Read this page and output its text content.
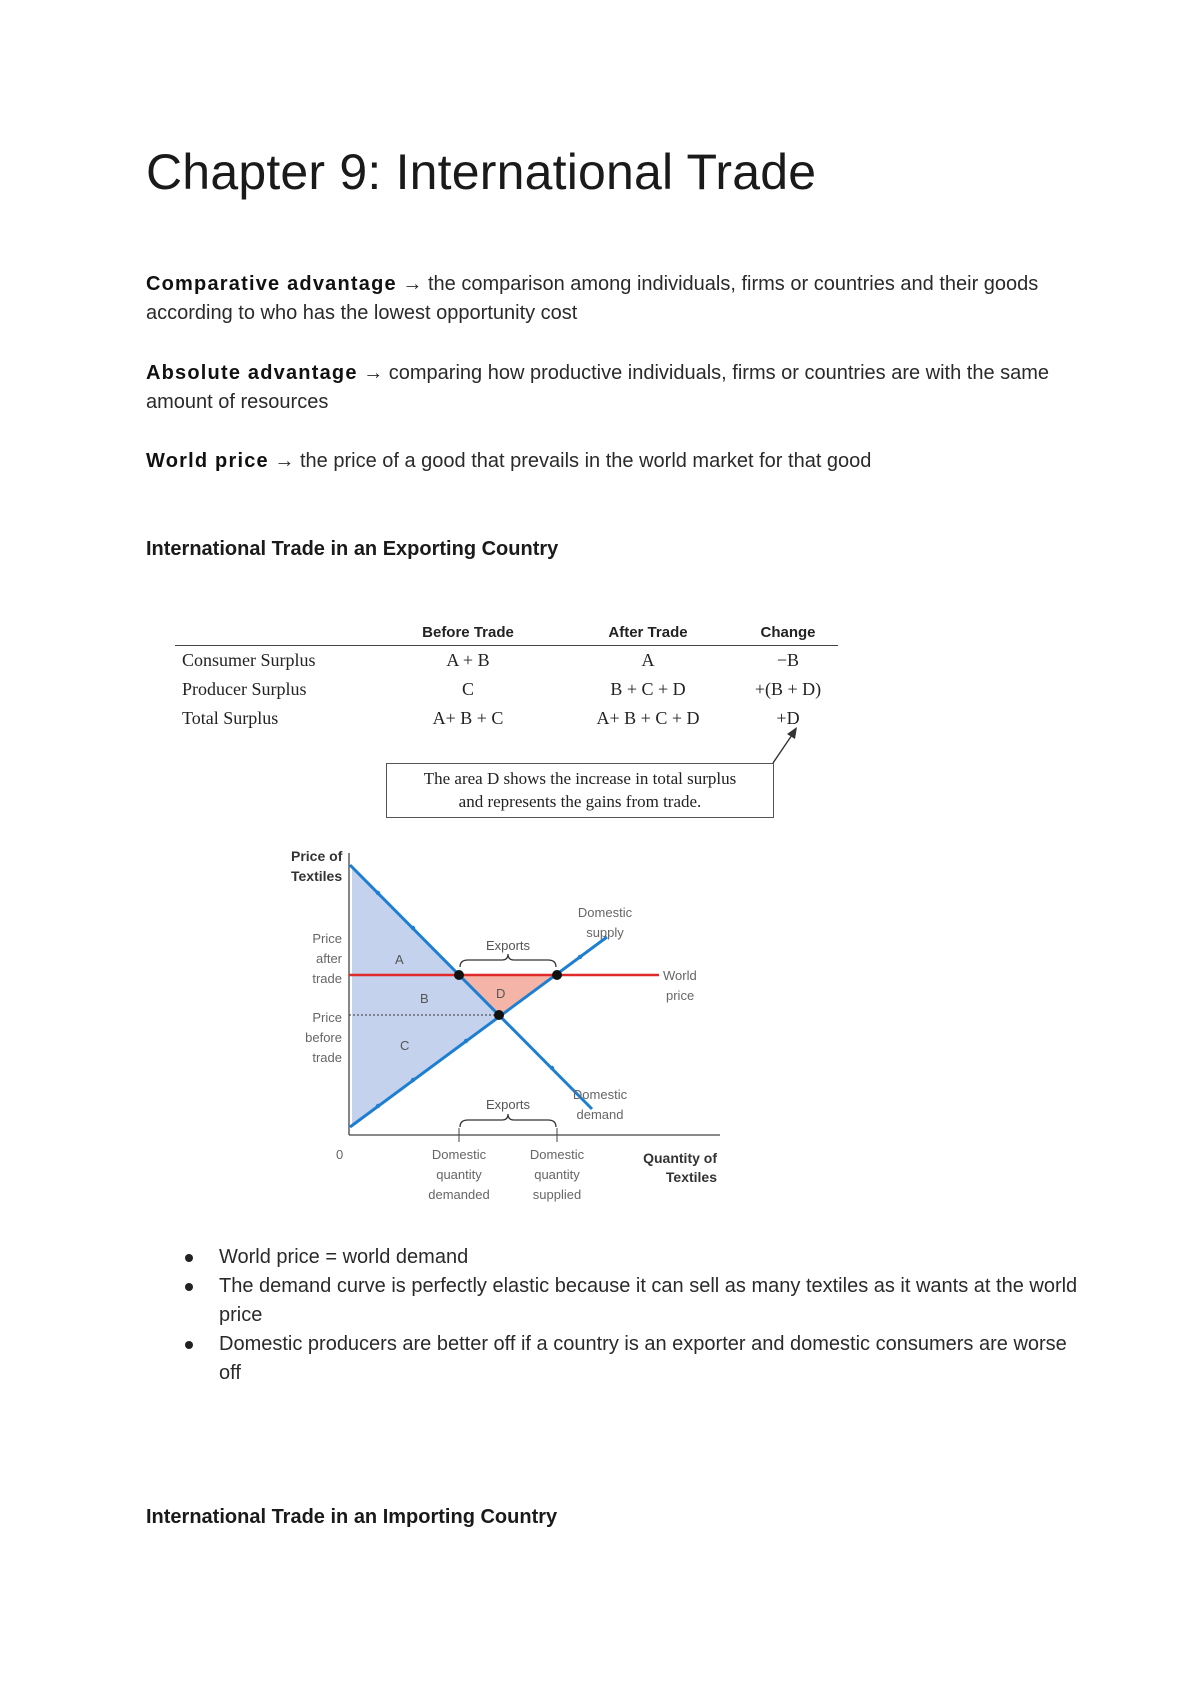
Chapter 9: International Trade

Comparative advantage → the comparison among individuals, firms or countries and their goods according to who has the lowest opportunity cost

Absolute advantage → comparing how productive individuals, firms or countries are with the same amount of resources

World price → the price of a good that prevails in the world market for that good

International Trade in an Exporting Country
	Before Trade	After Trade	Change
Consumer Surplus	A + B	A	−B
Producer Surplus	C	B + C + D	+(B + D)
Total Surplus	A+ B + C	A+ B + C + D	+D
The area D shows the increase in total surplus
and represents the gains from trade.
Price of
Textiles
Quantity of
Textiles
0
Price
after
trade
Price
before
trade
A
B
C
D
Exports
Exports
Domestic
supply
Domestic
demand
World
price
Domestic
quantity
demanded
Domestic
quantity
supplied
World price = world demand
The demand curve is perfectly elastic because it can sell as many textiles as it wants at the world price
Domestic producers are better off if a country is an exporter and domestic consumers are worse off
International Trade in an Importing Country
